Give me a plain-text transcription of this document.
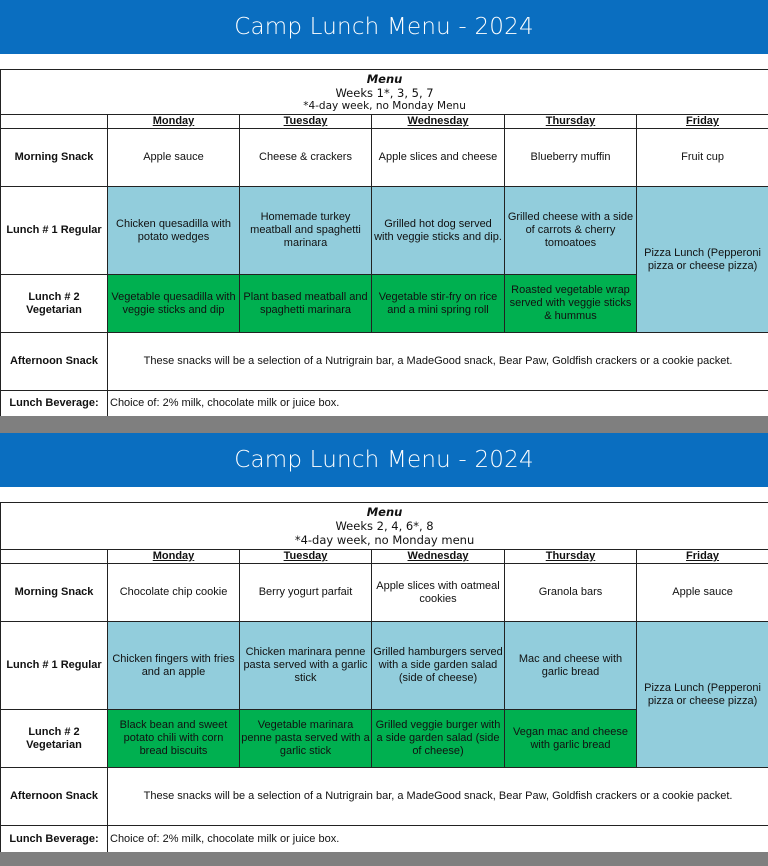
Camp Lunch Menu - 2024
Menu
Weeks 1*, 3, 5, 7
*4-day week, no Monday Menu					

	Monday	Tuesday	Wednesday	Thursday	Friday
Morning Snack	Apple sauce	Cheese & crackers	Apple slices and cheese	Blueberry muffin	Fruit cup
Lunch # 1 Regular	Chicken quesadilla with potato wedges	Homemade turkey meatball and spaghetti marinara	Grilled hot dog served with veggie sticks and dip.	Grilled cheese with a side of carrots & cherry tomoatoes	Pizza Lunch (Pepperoni pizza or cheese pizza)
Lunch # 2 Vegetarian	Vegetable quesadilla with veggie sticks and dip	Plant based meatball and spaghetti marinara	Vegetable stir-fry on rice and a mini spring roll	Roasted vegetable wrap served with veggie sticks & hummus	
Afternoon Snack	These snacks will be a selection of a Nutrigrain bar, a MadeGood snack, Bear Paw, Goldfish crackers or a cookie packet.				
Lunch Beverage:	Choice of: 2% milk, chocolate milk or juice box.				
Camp Lunch Menu - 2024
Menu
Weeks 2, 4, 6*, 8
*4-day week, no Monday menu					

	Monday	Tuesday	Wednesday	Thursday	Friday
Morning Snack	Chocolate chip cookie	Berry yogurt parfait	Apple slices with oatmeal cookies	Granola bars	Apple sauce
Lunch # 1 Regular	Chicken fingers with fries and an apple	Chicken marinara penne pasta served with a garlic stick	Grilled hamburgers served with a side garden salad (side of cheese)	Mac and cheese with garlic bread	Pizza Lunch (Pepperoni pizza or cheese pizza)
Lunch # 2 Vegetarian	Black bean and sweet potato chili with corn bread biscuits	Vegetable marinara penne pasta served with a garlic stick	Grilled veggie burger with a side garden salad (side of cheese)	Vegan mac and cheese with garlic bread	
Afternoon Snack	These snacks will be a selection of a Nutrigrain bar, a MadeGood snack, Bear Paw, Goldfish crackers or a cookie packet.				
Lunch Beverage:	Choice of: 2% milk, chocolate milk or juice box.				
